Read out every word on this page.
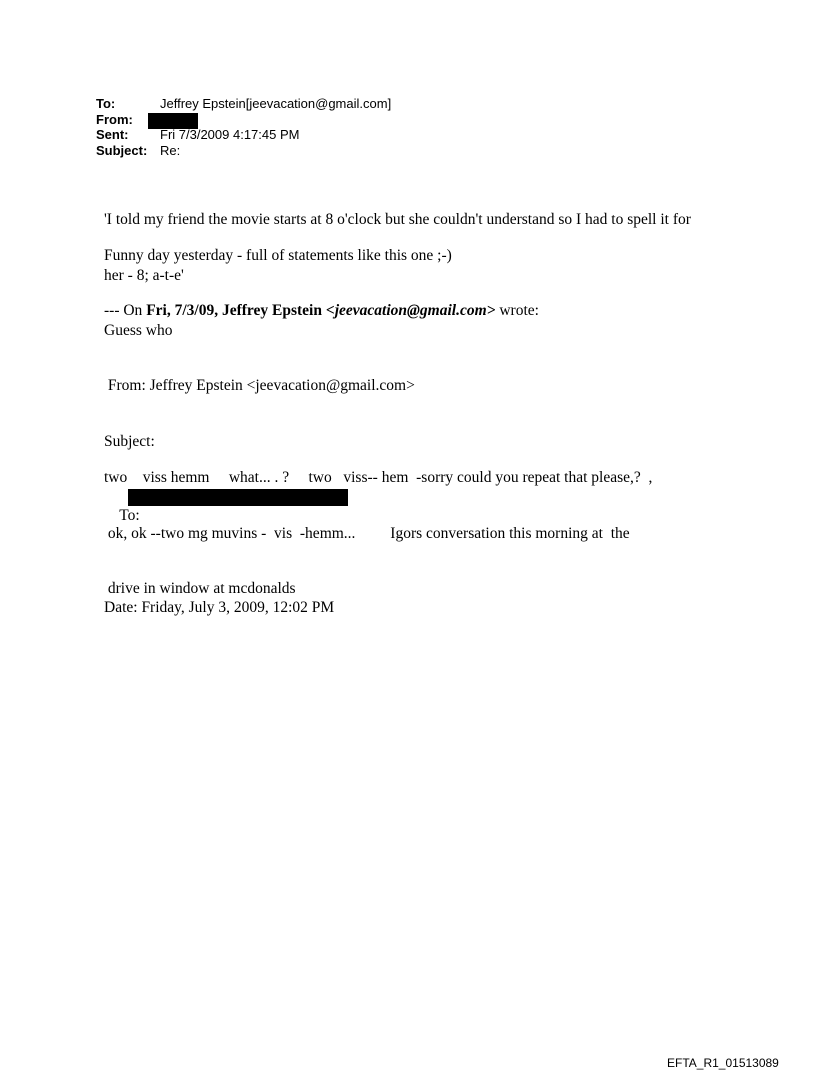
To:	Jeffrey Epstein[jeevacation@gmail.com]
From:
Sent: Fri 7/3/2009 4:17:45 PM
Subject: Re:

'I told my friend the movie starts at 8 o'clock but she couldn't understand so I had to spell it for

her - 8; a-t-e'

Guess who

Funny day yesterday - full of statements like this one ;-)
--- On Fri, 7/3/09, Jeffrey Epstein <jeevacation@gmail.com> wrote:

From: Jeffrey Epstein <jeevacation@gmail.com>

Subject:

To:

Date: Friday, July 3, 2009, 12:02 PM

two    viss hemm     what... . ?     two   viss-- hem  -sorry could you repeat that please,?  ,

ok, ok --two mg muvins -  vis  -hemm...         Igors conversation this morning at  the

drive in window at mcdonalds

EFTA_R1_01513089
